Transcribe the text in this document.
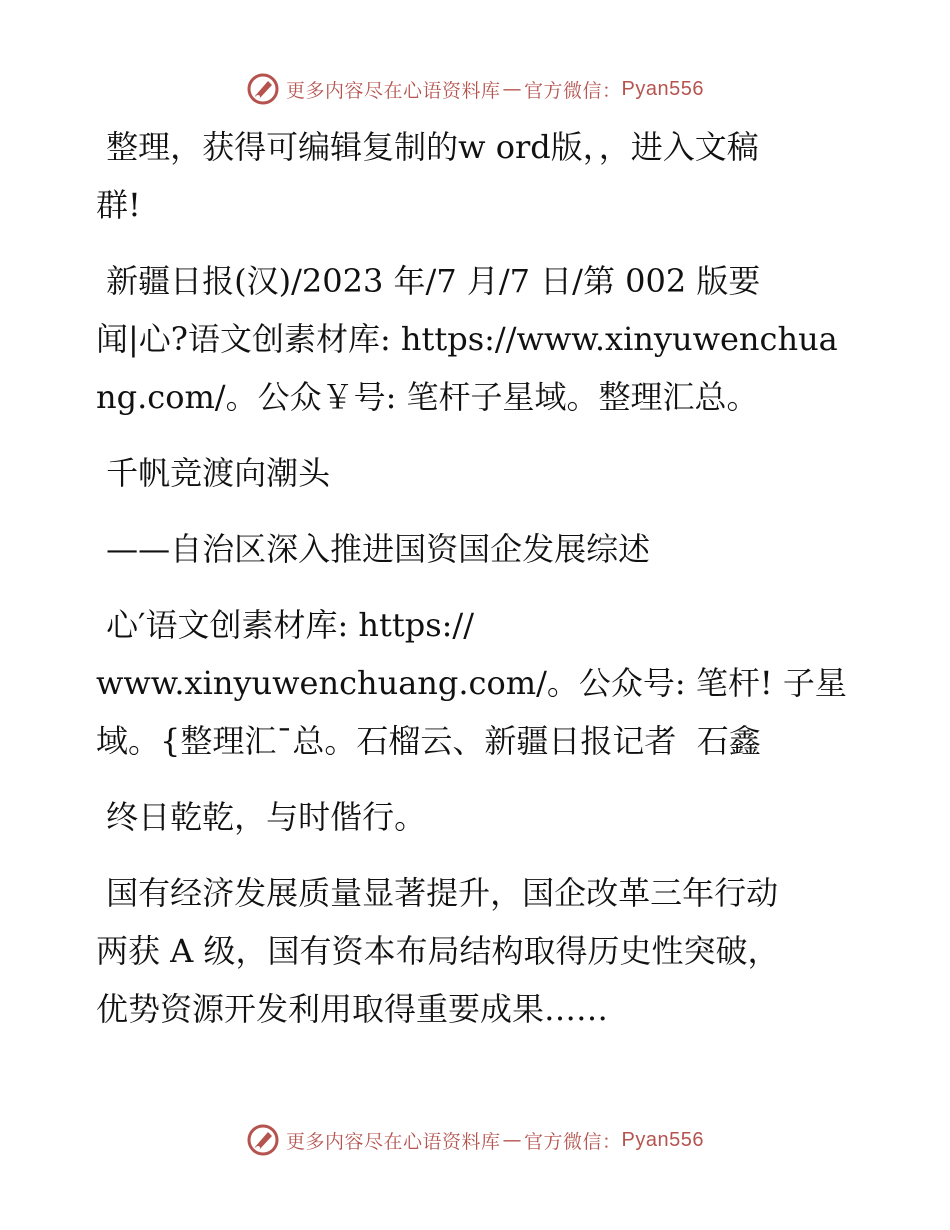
更多内容尽在心语资料库 — 官方微信： Pyan556
整理，获得可编辑复制的w ord版，，进入文稿
群!
新疆日报(汉)/2023 年/7 月/7 日/第 002 版要
闻|心?语文创素材库: https://www.xinyuwenchua
ng.com/。公众￥号: 笔杆子星域。整理汇总。
千帆竞渡向潮头
——自治区深入推进国资国企发展综述
心′语文创素材库: https://
www.xinyuwenchuang.com/。公众号: 笔杆! 子星
域。{整理汇¯总。石榴云、新疆日报记者  石鑫
终日乾乾，与时偕行。
国有经济发展质量显著提升，国企改革三年行动
两获 A 级，国有资本布局结构取得历史性突破，
优势资源开发利用取得重要成果……
更多内容尽在心语资料库 — 官方微信： Pyan556
